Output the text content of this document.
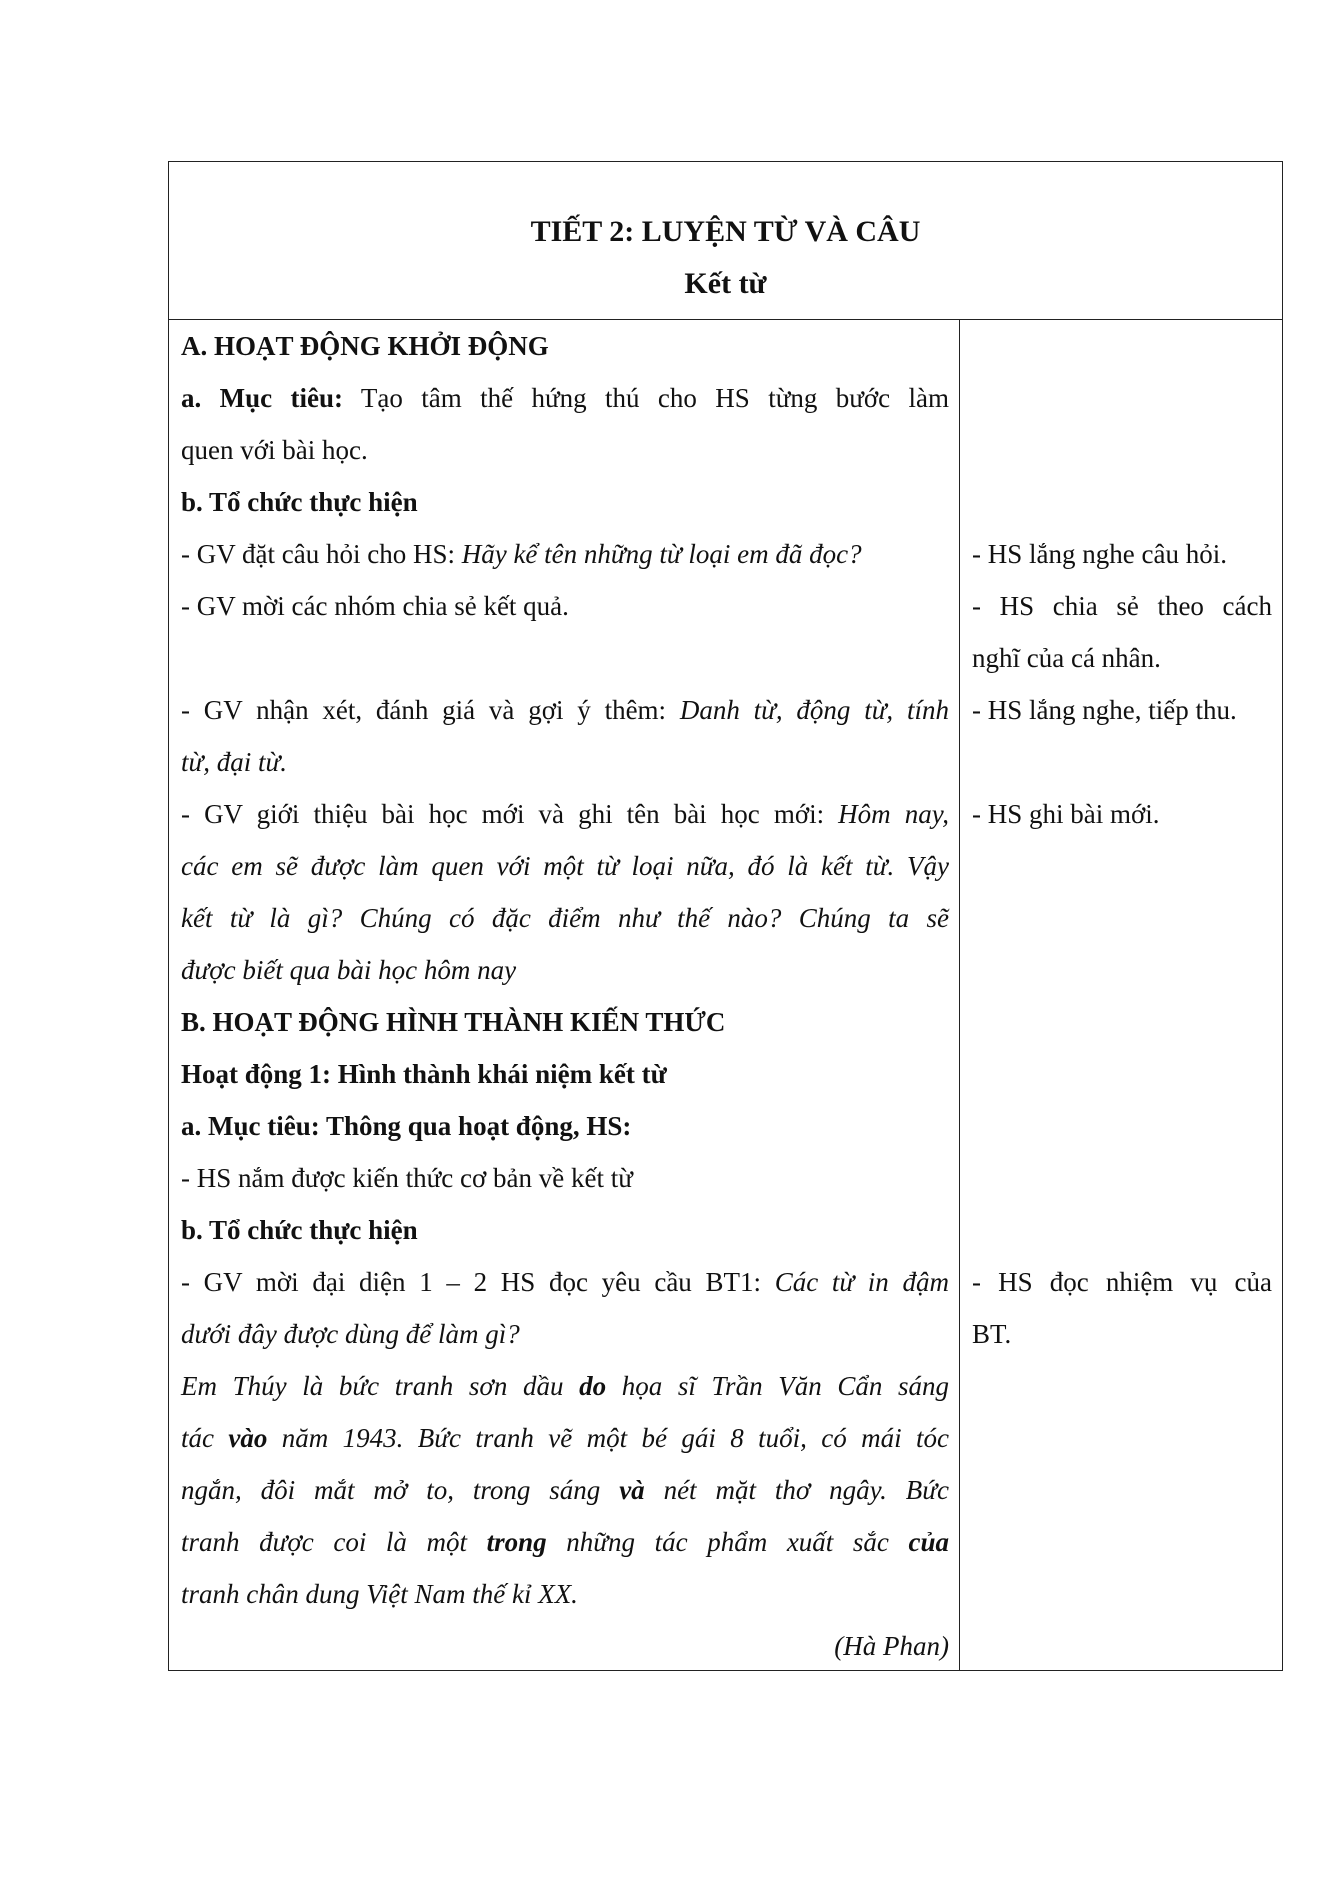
TIẾT 2: LUYỆN TỪ VÀ CÂU
Kết từ
A. HOẠT ĐỘNG KHỞI ĐỘNG
a. Mục tiêu: Tạo tâm thế hứng thú cho HS từng bước làm
quen với bài học.
b. Tổ chức thực hiện
- GV đặt câu hỏi cho HS: Hãy kể tên những từ loại em đã đọc?
- GV mời các nhóm chia sẻ kết quả.
- GV nhận xét, đánh giá và gợi ý thêm: Danh từ, động từ, tính
từ, đại từ.
- GV giới thiệu bài học mới và ghi tên bài học mới: Hôm nay,
các em sẽ được làm quen với một từ loại nữa, đó là kết từ. Vậy
kết từ là gì? Chúng có đặc điểm như thế nào? Chúng ta sẽ
được biết qua bài học hôm nay
B. HOẠT ĐỘNG HÌNH THÀNH KIẾN THỨC
Hoạt động 1: Hình thành khái niệm kết từ
a. Mục tiêu: Thông qua hoạt động, HS:
- HS nắm được kiến thức cơ bản về kết từ
b. Tổ chức thực hiện
- GV mời đại diện 1 – 2 HS đọc yêu cầu BT1: Các từ in đậm
dưới đây được dùng để làm gì?
Em Thúy là bức tranh sơn dầu do họa sĩ Trần Văn Cẩn sáng
tác vào năm 1943. Bức tranh vẽ một bé gái 8 tuổi, có mái tóc
ngắn, đôi mắt mở to, trong sáng và nét mặt thơ ngây. Bức
tranh được coi là một trong những tác phẩm xuất sắc của
tranh chân dung Việt Nam thế kỉ XX.
(Hà Phan)
- HS lắng nghe câu hỏi.
- HS chia sẻ theo cách
nghĩ của cá nhân.
- HS lắng nghe, tiếp thu.
- HS ghi bài mới.
- HS đọc nhiệm vụ của
BT.
